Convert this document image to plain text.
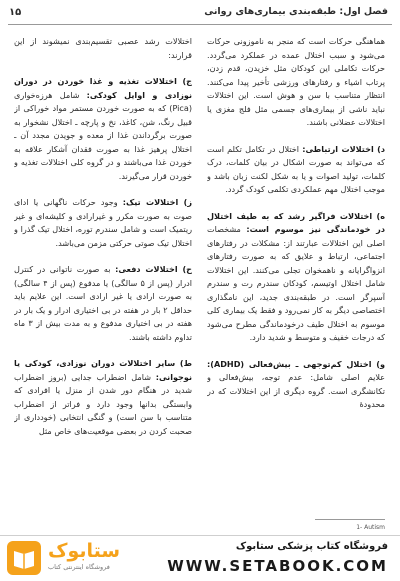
۱۵	فصل اول: طبقه‌بندی بیماری‌های روانی

هماهنگی حرکات است که منجر به ناموزونی حرکات می‌شود و سبب اختلال عمده در عملکرد می‌گردد. حرکات تکاملی این کودکان مثل خزیدن، قدم زدن، پرتاب اشیاء و رفتارهای ورزشی تأخیر پیدا می‌کنند. انتظار متناسب با سن و هوش است. این اختلالات نباید ناشی از بیماری‌های جسمی مثل فلج مغزی یا اختلالات عضلانی باشند.

د) اختلالات ارتباطی: اختلال در تکامل تکلم است که می‌تواند به صورت اشکال در بیان کلمات، درک کلمات، تولید اصوات و یا به شکل لکنت زبان باشد و موجب اختلال مهم عملکردی تکلمی کودک گردد.

ه) اختلالات فراگیر رشد که به طیف اختلال در خودماندگی نیز موسوم است: مشخصات اصلی این اختلالات عبارتند از: مشکلات در رفتارهای اجتماعی، ارتباط و علایق که به صورت رفتارهای انزواگرایانه و ناهمخوان تجلی می‌کنند. این اختلالات شامل اختلال اوتیسم، کودکان سندرم رت و سندرم آسپرگر است. در طبقه‌بندی جدید، این نامگذاری اختصاصی دیگر به کار نمی‌رود و فقط یک بیماری کلی موسوم به اختلال طیف درخودماندگی مطرح می‌شود که درجات خفیف و متوسط و شدید دارد.

و) اختلال کم‌توجهی ـ بیش‌فعالی (ADHD): علایم اصلی شامل: عدم توجه، بیش‌فعالی و تکانشگری است. گروه دیگری از این اختلالات که در محدودهٔ

اختلالات رشد عصبی تقسیم‌بندی نمیشوند از این قرارند:

ج) اختلالات تغذیه و غذا خوردن در دوران نوزادی و اوایل کودکی: شامل هرزه‌خواری (Pica) که به صورت خوردن مستمر مواد خوراکی از قبیل رنگ، شن، کاغذ، نخ و پارچه ـ اختلال نشخوار به صورت برگرداندن غذا از معده و جویدن مجدد آن ـ اختلال پرهیز غذا به صورت فقدان آشکار علاقه به خوردن غذا می‌باشند و در گروه کلی اختلالات تغذیه و خوردن قرار می‌گیرند.

ز) اختلالات تیک: وجود حرکات ناگهانی یا ادای صوت به صورت مکرر و غیرارادی و کلیشه‌ای و غیر ریتمیک است و شامل سندرم توره، اختلال تیک گذرا و اختلال تیک صوتی حرکتی مزمن می‌باشد.

ح) اختلالات دفعی: به صورت ناتوانی در کنترل ادرار (پس از ۵ سالگی) یا مدفوع (پس از ۴ سالگی) به صورت ارادی یا غیر ارادی است. این علایم باید حداقل ۲ بار در هفته در بی اختیاری ادرار و یک بار در هفته در بی اختیاری مدفوع و به مدت بیش از ۳ ماه تداوم داشته باشند.

ط) سایر اختلالات دوران نوزادی، کودکی یا نوجوانی: شامل اضطراب جدایی (بروز اضطراب شدید در هنگام دور شدن از منزل یا افرادی که وابستگی بدانها وجود دارد و فراتر از اضطراب متناسب با سن است) و گنگی انتخابی (خودداری از صحبت کردن در بعضی موقعیت‌های خاص مثل

1- Autism
ستابوک
فروشگاه اینترنتی کتاب
فروشگاه کتاب پزشکی ستابوک
WWW.SETABOOK.COM
